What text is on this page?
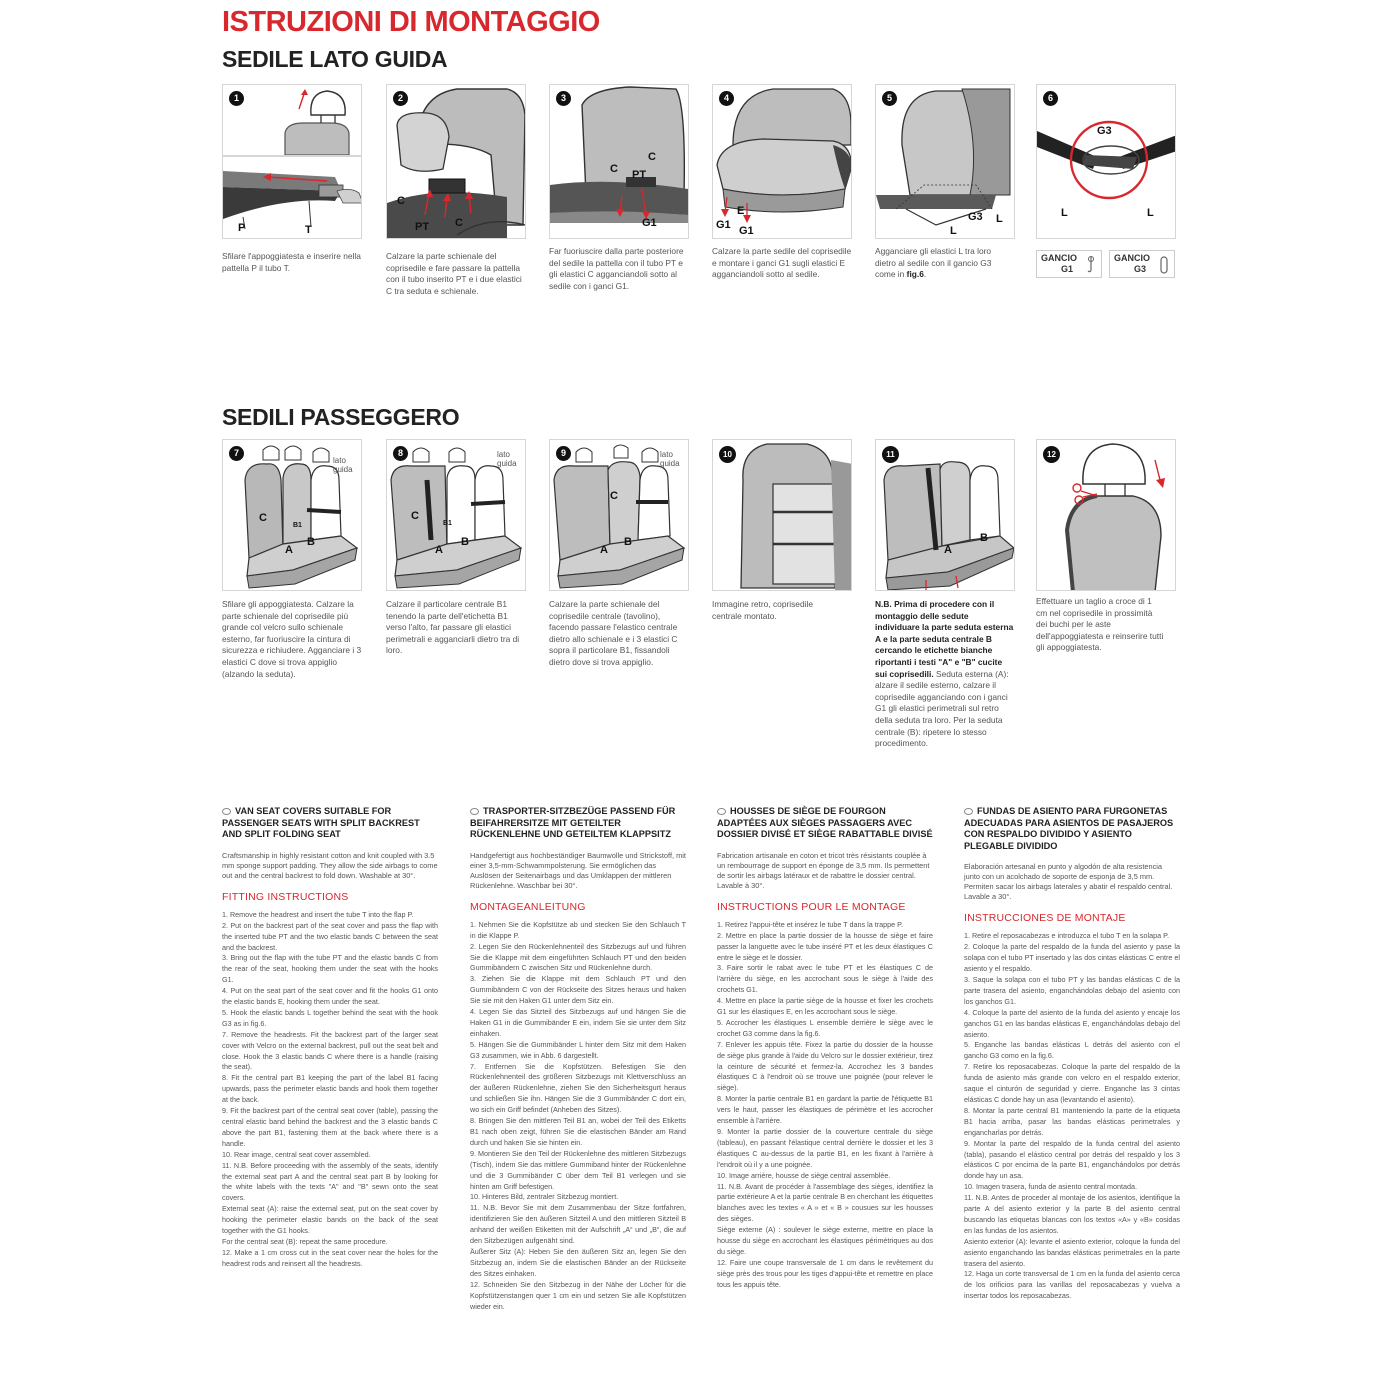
ISTRUZIONI DI MONTAGGIO
SEDILE LATO GUIDA
SEDILI PASSEGGERO
1
P	T
2
C
PT C
3
C PT
C
G1
4
G1
E
G1
5
G3 L
L
6
G3
L	L
GANCIO
G1
GANCIO
G3
Sfilare l'appoggiatesta e inserire nella pattella P il tubo T.
Calzare la parte schienale del coprisedile e fare passare la pattella con il tubo inserito PT e i due elastici C tra seduta e schienale.
Far fuoriuscire dalla parte posteriore del sedile la pattella con il tubo PT e gli elastici C agganciandoli sotto al sedile con i ganci G1.
Calzare la parte sedile del coprisedile e montare i ganci G1 sugli elastici E agganciandoli sotto al sedile.
Agganciare gli elastici L tra loro dietro al sedile con il gancio G3 come in fig.6.
7
lato guida
C
B1
A
B
8	lato guida
C
B1
A
B
9	lato guida
C
A
B
10	11
A
B
12
Sfilare gli appoggiatesta. Calzare la parte schienale del coprisedile più grande col velcro sullo schienale esterno, far fuoriuscire la cintura di sicurezza e richiudere. Agganciare i 3 elastici C dove si trova appiglio (alzando la seduta).
Calzare il particolare centrale B1 tenendo la parte dell'etichetta B1 verso l'alto, far passare gli elastici perimetrali e agganciarli dietro tra di loro.
Calzare la parte schienale del coprisedile centrale (tavolino), facendo passare l'elastico centrale dietro allo schienale e i 3 elastici C sopra il particolare B1, fissandoli dietro dove si trova appiglio.
Immagine retro, coprisedile centrale montato.
N.B. Prima di procedere con il montaggio delle sedute individuare la parte seduta esterna A e la parte seduta centrale B cercando le etichette bianche riportanti i testi "A" e "B" cucite sui coprisedili. Seduta esterna (A): alzare il sedile esterno, calzare il coprisedile agganciando con i ganci G1 gli elastici perimetrali sul retro della seduta tra loro. Per la seduta centrale (B): ripetere lo stesso procedimento.
Effettuare un taglio a croce di 1 cm nel coprisedile in prossimità dei buchi per le aste dell'appoggiatesta e reinserire tutti gli appoggiatesta.
VAN SEAT COVERS SUITABLE FOR PASSENGER SEATS WITH SPLIT BACKREST AND SPLIT FOLDING SEAT
Craftsmanship in highly resistant cotton and knit coupled with 3.5 mm sponge support padding. They allow the side airbags to come out and the central backrest to fold down. Washable at 30°.
FITTING INSTRUCTIONS

1. Remove the headrest and insert the tube T into the flap P.

2. Put on the backrest part of the seat cover and pass the flap with the inserted tube PT and the two elastic bands C between the seat and the backrest.

3. Bring out the flap with the tube PT and the elastic bands C from the rear of the seat, hooking them under the seat with the hooks G1.

4. Put on the seat part of the seat cover and fit the hooks G1 onto the elastic bands E, hooking them under the seat.

5. Hook the elastic bands L together behind the seat with the hook G3 as in fig.6.

7. Remove the headrests. Fit the backrest part of the larger seat cover with Velcro on the external backrest, pull out the seat belt and close. Hook the 3 elastic bands C where there is a handle (raising the seat).

8. Fit the central part B1 keeping the part of the label B1 facing upwards, pass the perimeter elastic bands and hook them together at the back.

9. Fit the backrest part of the central seat cover (table), passing the central elastic band behind the backrest and the 3 elastic bands C above the part B1, fastening them at the back where there is a handle.

10. Rear image, central seat cover assembled.

11. N.B. Before proceeding with the assembly of the seats, identify the external seat part A and the central seat part B by looking for the white labels with the texts "A" and "B" sewn onto the seat covers.

External seat (A): raise the external seat, put on the seat cover by hooking the perimeter elastic bands on the back of the seat together with the G1 hooks.

For the central seat (B): repeat the same procedure.

12. Make a 1 cm cross cut in the seat cover near the holes for the headrest rods and reinsert all the headrests.

TRASPORTER-SITZBEZÜGE PASSEND FÜR BEIFAHRERSITZE MIT GETEILTER RÜCKENLEHNE UND GETEILTEM KLAPPSITZ
Handgefertigt aus hochbeständiger Baumwolle und Strickstoff, mit einer 3,5-mm-Schwammpolsterung. Sie ermöglichen das Auslösen der Seitenairbags und das Umklappen der mittleren Rückenlehne. Waschbar bei 30°.
MONTAGEANLEITUNG

1. Nehmen Sie die Kopfstütze ab und stecken Sie den Schlauch T in die Klappe P.

2. Legen Sie den Rückenlehnenteil des Sitzbezugs auf und führen Sie die Klappe mit dem eingeführten Schlauch PT und den beiden Gummibändern C zwischen Sitz und Rückenlehne durch.

3. Ziehen Sie die Klappe mit dem Schlauch PT und den Gummibändern C von der Rückseite des Sitzes heraus und haken Sie sie mit den Haken G1 unter dem Sitz ein.

4. Legen Sie das Sitzteil des Sitzbezugs auf und hängen Sie die Haken G1 in die Gummibänder E ein, indem Sie sie unter dem Sitz einhaken.

5. Hängen Sie die Gummibänder L hinter dem Sitz mit dem Haken G3 zusammen, wie in Abb. 6 dargestellt.

7. Entfernen Sie die Kopfstützen. Befestigen Sie den Rückenlehnenteil des größeren Sitzbezugs mit Klettverschluss an der äußeren Rückenlehne, ziehen Sie den Sicherheitsgurt heraus und schließen Sie ihn. Hängen Sie die 3 Gummibänder C dort ein, wo sich ein Griff befindet (Anheben des Sitzes).

8. Bringen Sie den mittleren Teil B1 an, wobei der Teil des Etiketts B1 nach oben zeigt, führen Sie die elastischen Bänder am Rand durch und haken Sie sie hinten ein.

9. Montieren Sie den Teil der Rückenlehne des mittleren Sitzbezugs (Tisch), indem Sie das mittlere Gummiband hinter der Rückenlehne und die 3 Gummibänder C über dem Teil B1 verlegen und sie hinten am Griff befestigen.

10. Hinteres Bild, zentraler Sitzbezug montiert.

11. N.B. Bevor Sie mit dem Zusammenbau der Sitze fortfahren, identifizieren Sie den äußeren Sitzteil A und den mittleren Sitzteil B anhand der weißen Etiketten mit der Aufschrift „A“ und „B“, die auf den Sitzbezügen aufgenäht sind.

Äußerer Sitz (A): Heben Sie den äußeren Sitz an, legen Sie den Sitzbezug an, indem Sie die elastischen Bänder an der Rückseite des Sitzes einhaken.

12. Schneiden Sie den Sitzbezug in der Nähe der Löcher für die Kopfstützenstangen quer 1 cm ein und setzen Sie alle Kopfstützen wieder ein.

HOUSSES DE SIÈGE DE FOURGON ADAPTÉES AUX SIÈGES PASSAGERS AVEC DOSSIER DIVISÉ ET SIÈGE RABATTABLE DIVISÉ
Fabrication artisanale en coton et tricot très résistants couplée à un rembourrage de support en éponge de 3,5 mm. Ils permettent de sortir les airbags latéraux et de rabattre le dossier central. Lavable à 30°.
INSTRUCTIONS POUR LE MONTAGE

1. Retirez l'appui-tête et insérez le tube T dans la trappe P.

2. Mettre en place la partie dossier de la housse de siège et faire passer la languette avec le tube inséré PT et les deux élastiques C entre le siège et le dossier.

3. Faire sortir le rabat avec le tube PT et les élastiques C de l'arrière du siège, en les accrochant sous le siège à l'aide des crochets G1.

4. Mettre en place la partie siège de la housse et fixer les crochets G1 sur les élastiques E, en les accrochant sous le siège.

5. Accrocher les élastiques L ensemble derrière le siège avec le crochet G3 comme dans la fig.6.

7. Enlever les appuis tête. Fixez la partie du dossier de la housse de siège plus grande à l'aide du Velcro sur le dossier extérieur, tirez la ceinture de sécurité et fermez-la. Accrochez les 3 bandes élastiques C à l'endroit où se trouve une poignée (pour relever le siège).

8. Monter la partie centrale B1 en gardant la partie de l'étiquette B1 vers le haut, passer les élastiques de périmètre et les accrocher ensemble à l'arrière.

9. Monter la partie dossier de la couverture centrale du siège (tableau), en passant l'élastique central derrière le dossier et les 3 élastiques C au-dessus de la partie B1, en les fixant à l'arrière à l'endroit où il y a une poignée.

10. Image arrière, housse de siège central assemblée.

11. N.B. Avant de procéder à l'assemblage des sièges, identifiez la partie extérieure A et la partie centrale B en cherchant les étiquettes blanches avec les textes « A » et « B » cousues sur les housses des sièges.

Siège externe (A) : soulever le siège externe, mettre en place la housse du siège en accrochant les élastiques périmétriques au dos du siège.

12. Faire une coupe transversale de 1 cm dans le revêtement du siège près des trous pour les tiges d'appui-tête et remettre en place tous les appuis tête.

FUNDAS DE ASIENTO PARA FURGONETAS ADECUADAS PARA ASIENTOS DE PASAJEROS CON RESPALDO DIVIDIDO Y ASIENTO PLEGABLE DIVIDIDO
Elaboración artesanal en punto y algodón de alta resistencia junto con un acolchado de soporte de esponja de 3,5 mm. Permiten sacar los airbags laterales y abatir el respaldo central. Lavable a 30°.
INSTRUCCIONES DE MONTAJE

1. Retire el reposacabezas e introduzca el tubo T en la solapa P.

2. Coloque la parte del respaldo de la funda del asiento y pase la solapa con el tubo PT insertado y las dos cintas elásticas C entre el asiento y el respaldo.

3. Saque la solapa con el tubo PT y las bandas elásticas C de la parte trasera del asiento, enganchándolas debajo del asiento con los ganchos G1.

4. Coloque la parte del asiento de la funda del asiento y encaje los ganchos G1 en las bandas elásticas E, enganchándolas debajo del asiento.

5. Enganche las bandas elásticas L detrás del asiento con el gancho G3 como en la fig.6.

7. Retire los reposacabezas. Coloque la parte del respaldo de la funda de asiento más grande con velcro en el respaldo exterior, saque el cinturón de seguridad y cierre. Enganche las 3 cintas elásticas C donde hay un asa (levantando el asiento).

8. Montar la parte central B1 manteniendo la parte de la etiqueta B1 hacia arriba, pasar las bandas elásticas perimetrales y engancharlas por detrás.

9. Montar la parte del respaldo de la funda central del asiento (tabla), pasando el elástico central por detrás del respaldo y los 3 elásticos C por encima de la parte B1, enganchándolos por detrás donde hay un asa.

10. Imagen trasera, funda de asiento central montada.

11. N.B. Antes de proceder al montaje de los asientos, identifique la parte A del asiento exterior y la parte B del asiento central buscando las etiquetas blancas con los textos «A» y «B» cosidas en las fundas de los asientos.

Asiento exterior (A): levante el asiento exterior, coloque la funda del asiento enganchando las bandas elásticas perimetrales en la parte trasera del asiento.

12. Haga un corte transversal de 1 cm en la funda del asiento cerca de los orificios para las varillas del reposacabezas y vuelva a insertar todos los reposacabezas.
